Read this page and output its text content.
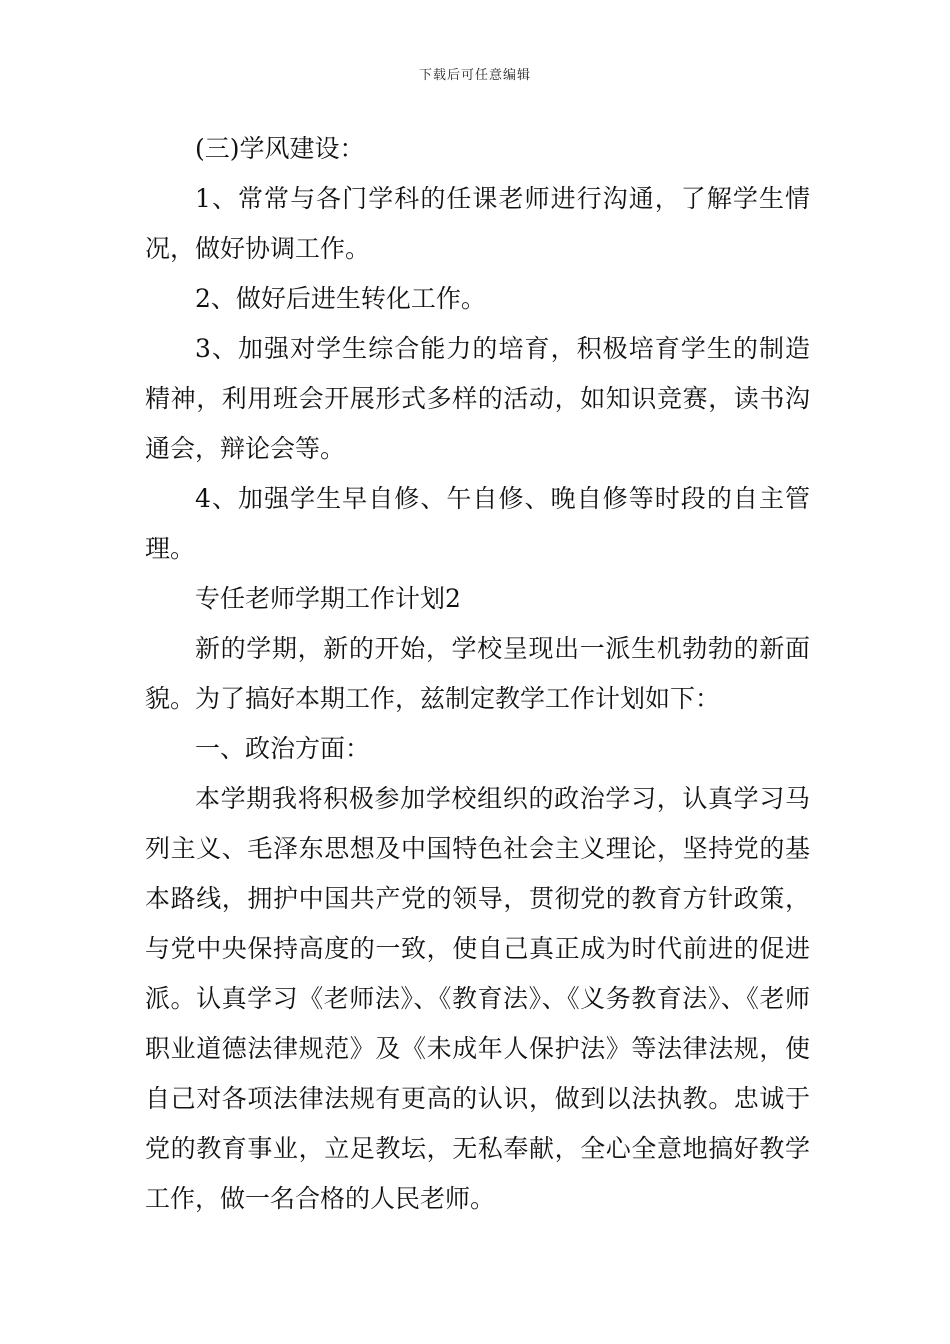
下载后可任意编辑

(三)学风建设：

1、常常与各门学科的任课老师进行沟通，了解学生情况，做好协调工作。

2、做好后进生转化工作。

3、加强对学生综合能力的培育，积极培育学生的制造精神，利用班会开展形式多样的活动，如知识竞赛，读书沟通会，辩论会等。

4、加强学生早自修、午自修、晚自修等时段的自主管理。

专任老师学期工作计划2

新的学期，新的开始，学校呈现出一派生机勃勃的新面貌。为了搞好本期工作，兹制定教学工作计划如下：

一、政治方面：

本学期我将积极参加学校组织的政治学习，认真学习马列主义、毛泽东思想及中国特色社会主义理论，坚持党的基本路线，拥护中国共产党的领导，贯彻党的教育方针政策，与党中央保持高度的一致，使自己真正成为时代前进的促进派。认真学习《老师法》、《教育法》、《义务教育法》、《老师职业道德法律规范》及《未成年人保护法》等法律法规，使自己对各项法律法规有更高的认识，做到以法执教。忠诚于党的教育事业，立足教坛，无私奉献，全心全意地搞好教学工作，做一名合格的人民老师。
